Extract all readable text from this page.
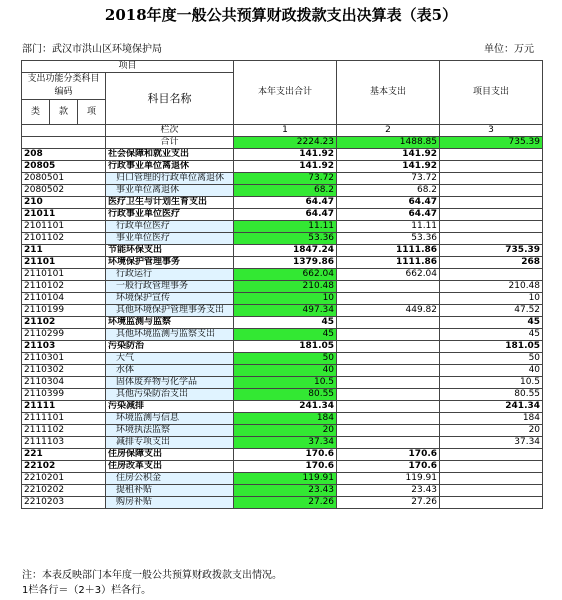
2018年度一般公共预算财政拨款支出决算表（表5）
部门：武汉市洪山区环境保护局	单位：万元
项目				本年支出合计	基本支出	项目支出
支出功能分类科目编码			科目名称			

类	款	项				
			栏次	1	2	3
			合计	2224.23	1488.85	735.39
208			社会保障和就业支出	141.92	141.92	
20805			行政事业单位离退休	141.92	141.92	
2080501			归口管理的行政单位离退休	73.72	73.72	
2080502			事业单位离退休	68.2	68.2	
210			医疗卫生与计划生育支出	64.47	64.47	
21011			行政事业单位医疗	64.47	64.47	
2101101			行政单位医疗	11.11	11.11	
2101102			事业单位医疗	53.36	53.36	
211			节能环保支出	1847.24	1111.86	735.39
21101			环境保护管理事务	1379.86	1111.86	268
2110101			行政运行	662.04	662.04	
2110102			一般行政管理事务	210.48		210.48
2110104			环境保护宣传	10		10
2110199			其他环境保护管理事务支出	497.34	449.82	47.52
21102			环境监测与监察	45		45
2110299			其他环境监测与监察支出	45		45
21103			污染防治	181.05		181.05
2110301			大气	50		50
2110302			水体	40		40
2110304			固体废弃物与化学品	10.5		10.5
2110399			其他污染防治支出	80.55		80.55
21111			污染减排	241.34		241.34
2111101			环境监测与信息	184		184
2111102			环境执法监察	20		20
2111103			减排专项支出	37.34		37.34
221			住房保障支出	170.6	170.6	
22102			住房改革支出	170.6	170.6	
2210201			住房公积金	119.91	119.91	
2210202			提租补贴	23.43	23.43	
2210203			购房补贴	27.26	27.26	
注：本表反映部门本年度一般公共预算财政拨款支出情况。
1栏各行＝（2＋3）栏各行。
